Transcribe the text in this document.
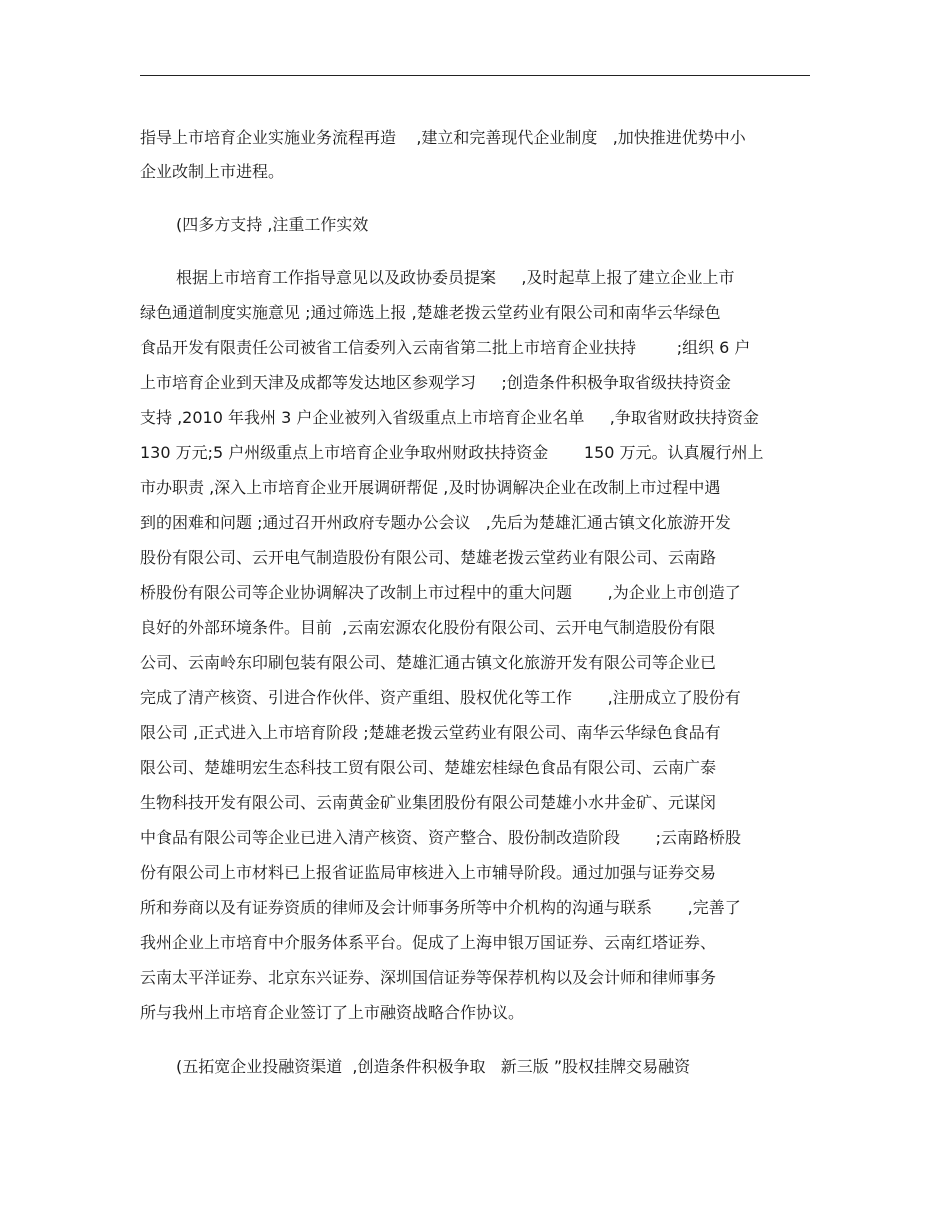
指导上市培育企业实施业务流程再造    ,建立和完善现代企业制度   ,加快推进优势中小
企业改制上市进程。
(四多方支持 ,注重工作实效
根据上市培育工作指导意见以及政协委员提案     ,及时起草上报了建立企业上市
绿色通道制度实施意见 ;通过筛选上报 ,楚雄老拨云堂药业有限公司和南华云华绿色
食品开发有限责任公司被省工信委列入云南省第二批上市培育企业扶持        ;组织 6 户
上市培育企业到天津及成都等发达地区参观学习     ;创造条件积极争取省级扶持资金
支持 ,2010 年我州 3 户企业被列入省级重点上市培育企业名单     ,争取省财政扶持资金
130 万元;5 户州级重点上市培育企业争取州财政扶持资金       150 万元。认真履行州上
市办职责 ,深入上市培育企业开展调研帮促 ,及时协调解决企业在改制上市过程中遇
到的困难和问题 ;通过召开州政府专题办公会议   ,先后为楚雄汇通古镇文化旅游开发
股份有限公司、云开电气制造股份有限公司、楚雄老拨云堂药业有限公司、云南路
桥股份有限公司等企业协调解决了改制上市过程中的重大问题       ,为企业上市创造了
良好的外部环境条件。目前  ,云南宏源农化股份有限公司、云开电气制造股份有限
公司、云南岭东印刷包装有限公司、楚雄汇通古镇文化旅游开发有限公司等企业已
完成了清产核资、引进合作伙伴、资产重组、股权优化等工作       ,注册成立了股份有
限公司 ,正式进入上市培育阶段 ;楚雄老拨云堂药业有限公司、南华云华绿色食品有
限公司、楚雄明宏生态科技工贸有限公司、楚雄宏桂绿色食品有限公司、云南广泰
生物科技开发有限公司、云南黄金矿业集团股份有限公司楚雄小水井金矿、元谋闵
中食品有限公司等企业已进入清产核资、资产整合、股份制改造阶段       ;云南路桥股
份有限公司上市材料已上报省证监局审核进入上市辅导阶段。通过加强与证券交易
所和券商以及有证券资质的律师及会计师事务所等中介机构的沟通与联系       ,完善了
我州企业上市培育中介服务体系平台。促成了上海申银万国证券、云南红塔证券、
云南太平洋证券、北京东兴证券、深圳国信证券等保荐机构以及会计师和律师事务
所与我州上市培育企业签订了上市融资战略合作协议。
(五拓宽企业投融资渠道  ,创造条件积极争取   新三版 ”股权挂牌交易融资
